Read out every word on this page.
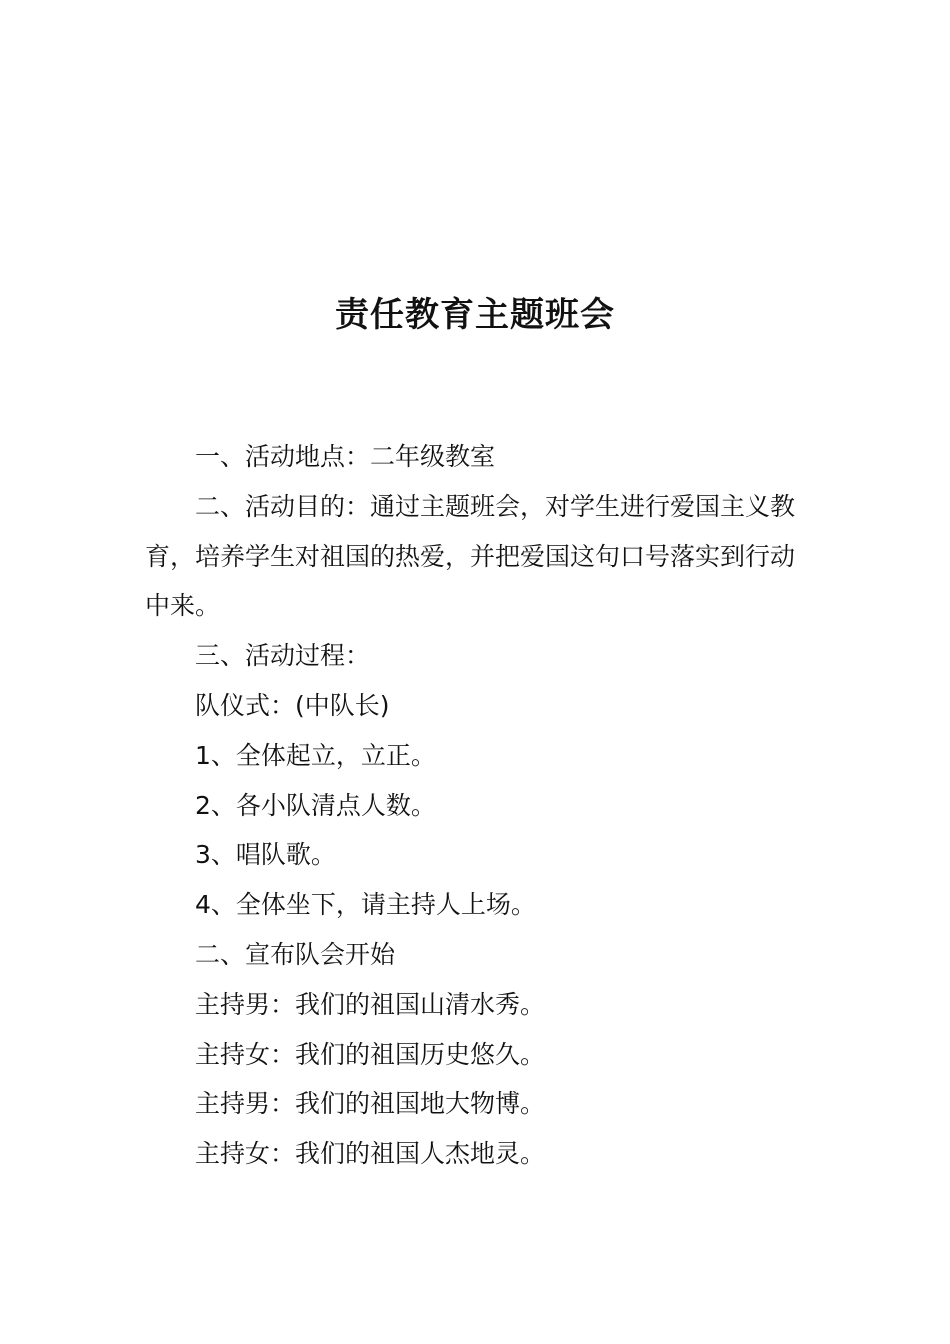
责任教育主题班会

一、活动地点：二年级教室

二、活动目的：通过主题班会，对学生进行爱国主义教育，培养学生对祖国的热爱，并把爱国这句口号落实到行动中来。

三、活动过程：

队仪式：(中队长)

1、全体起立，立正。

2、各小队清点人数。

3、唱队歌。

4、全体坐下，请主持人上场。

二、宣布队会开始

主持男：我们的祖国山清水秀。

主持女：我们的祖国历史悠久。

主持男：我们的祖国地大物博。

主持女：我们的祖国人杰地灵。
